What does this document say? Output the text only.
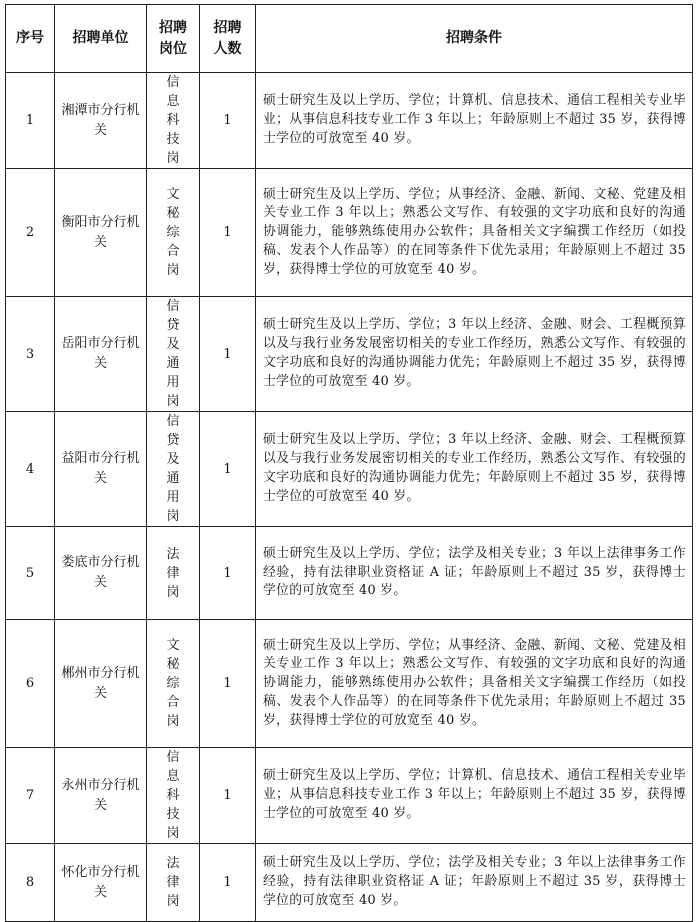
序号	招聘单位	招聘 岗位	招聘 人数	招聘条件
1	湘潭市分行机关	信息科技岗	1	硕士研究生及以上学历、学位；计算机、信息技术、通信工程相关专业毕业；从事信息科技专业工作 3 年以上；年龄原则上不超过 35 岁，获得博士学位的可放宽至 40 岁。
2	衡阳市分行机关	文秘综合岗	1	硕士研究生及以上学历、学位；从事经济、金融、新闻、文秘、党建及相关专业工作 3 年以上；熟悉公文写作、有较强的文字功底和良好的沟通协调能力，能够熟练使用办公软件；具备相关文字编撰工作经历（如投稿、发表个人作品等）的在同等条件下优先录用；年龄原则上不超过 35 岁，获得博士学位的可放宽至 40 岁。
3	岳阳市分行机关	信贷及通用岗	1	硕士研究生及以上学历、学位；3 年以上经济、金融、财会、工程概预算以及与我行业务发展密切相关的专业工作经历，熟悉公文写作、有较强的文字功底和良好的沟通协调能力优先；年龄原则上不超过 35 岁，获得博士学位的可放宽至 40 岁。
4	益阳市分行机关	信贷及通用岗	1	硕士研究生及以上学历、学位；3 年以上经济、金融、财会、工程概预算以及与我行业务发展密切相关的专业工作经历，熟悉公文写作、有较强的文字功底和良好的沟通协调能力优先；年龄原则上不超过 35 岁，获得博士学位的可放宽至 40 岁。
5	娄底市分行机关	法律岗	1	硕士研究生及以上学历、学位；法学及相关专业；3 年以上法律事务工作经验，持有法律职业资格证 A 证；年龄原则上不超过 35 岁，获得博士学位的可放宽至 40 岁。
6	郴州市分行机关	文秘综合岗	1	硕士研究生及以上学历、学位；从事经济、金融、新闻、文秘、党建及相关专业工作 3 年以上；熟悉公文写作、有较强的文字功底和良好的沟通协调能力，能够熟练使用办公软件；具备相关文字编撰工作经历（如投稿、发表个人作品等）的在同等条件下优先录用；年龄原则上不超过 35 岁，获得博士学位的可放宽至 40 岁。
7	永州市分行机关	信息科技岗	1	硕士研究生及以上学历、学位；计算机、信息技术、通信工程相关专业毕业；从事信息科技专业工作 3 年以上；年龄原则上不超过 35 岁，获得博士学位的可放宽至 40 岁。
8	怀化市分行机关	法律岗	1	硕士研究生及以上学历、学位；法学及相关专业；3 年以上法律事务工作经验，持有法律职业资格证 A 证；年龄原则上不超过 35 岁，获得博士学位的可放宽至 40 岁。
